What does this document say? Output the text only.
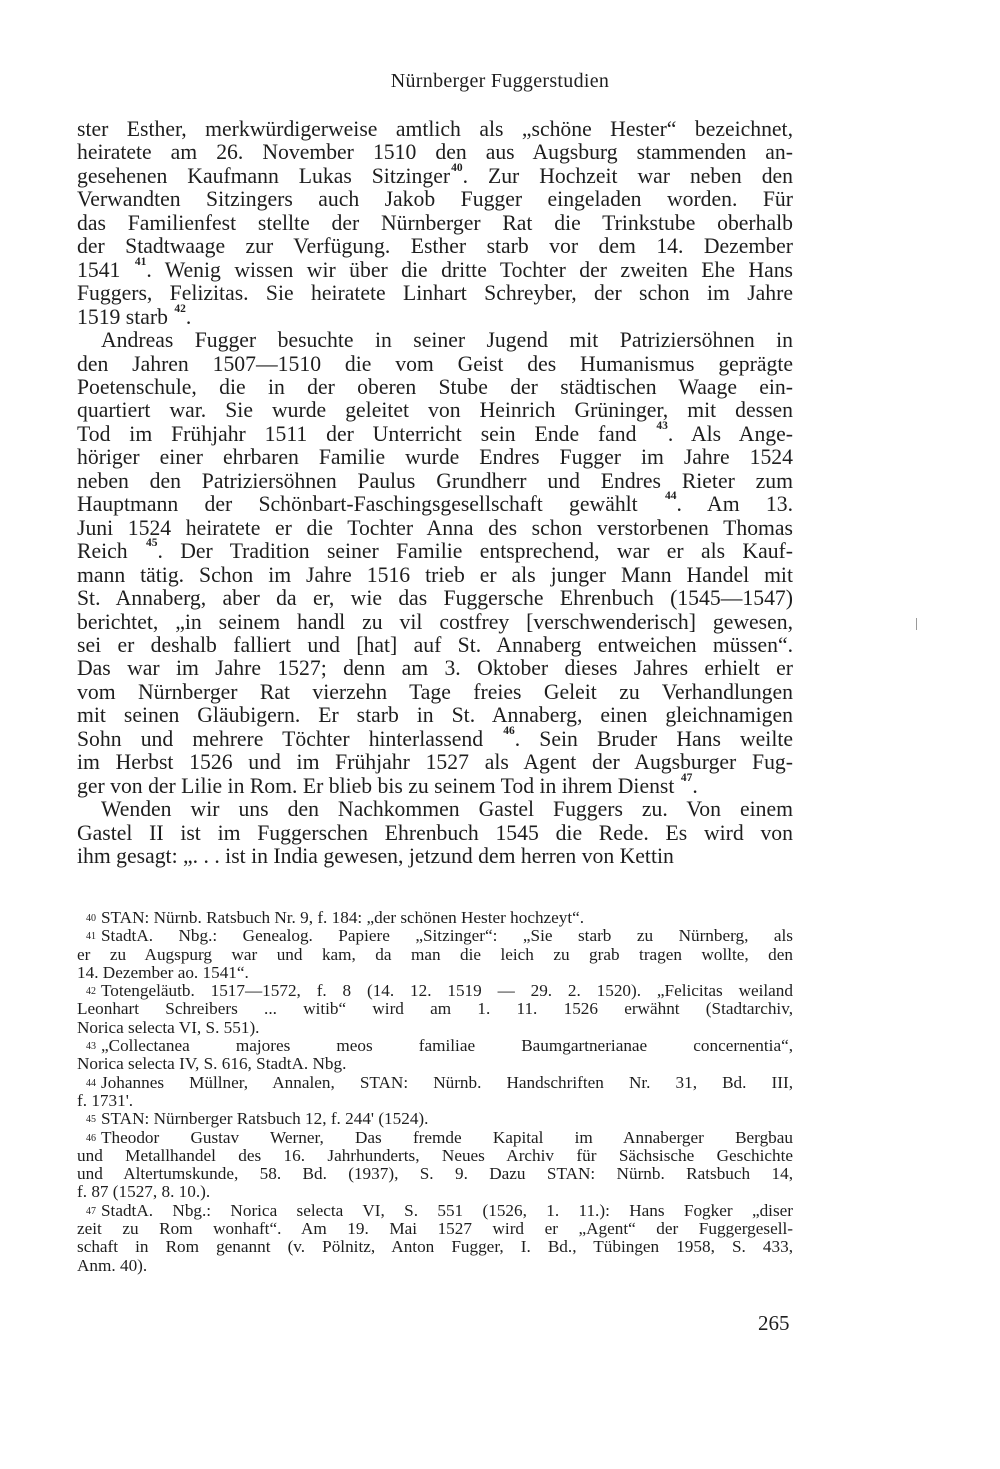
Nürnberger Fuggerstudien
ster Esther, merkwürdigerweise amtlich als „schöne Hester“ bezeichnet,
heiratete am 26. November 1510 den aus Augsburg stammenden an-
gesehenen Kaufmann Lukas Sitzinger$^{40}$. Zur Hochzeit war neben den
Verwandten Sitzingers auch Jakob Fugger eingeladen worden. Für
das Familienfest stellte der Nürnberger Rat die Trinkstube oberhalb
der Stadtwaage zur Verfügung. Esther starb vor dem 14. Dezember
1541 $^{41}$. Wenig wissen wir über die dritte Tochter der zweiten Ehe Hans
Fuggers, Felizitas. Sie heiratete Linhart Schreyber, der schon im Jahre
1519 starb $^{42}$.
Andreas Fugger besuchte in seiner Jugend mit Patriziersöhnen in
den Jahren 1507—1510 die vom Geist des Humanismus geprägte
Poetenschule, die in der oberen Stube der städtischen Waage ein-
quartiert war. Sie wurde geleitet von Heinrich Grüninger, mit dessen
Tod im Frühjahr 1511 der Unterricht sein Ende fand $^{43}$. Als Ange-
höriger einer ehrbaren Familie wurde Endres Fugger im Jahre 1524
neben den Patriziersöhnen Paulus Grundherr und Endres Rieter zum
Hauptmann der Schönbart-Faschingsgesellschaft gewählt $^{44}$. Am 13.
Juni 1524 heiratete er die Tochter Anna des schon verstorbenen Thomas
Reich $^{45}$. Der Tradition seiner Familie entsprechend, war er als Kauf-
mann tätig. Schon im Jahre 1516 trieb er als junger Mann Handel mit
St. Annaberg, aber da er, wie das Fuggersche Ehrenbuch (1545—1547)
berichtet, „in seinem handl zu vil costfrey [verschwenderisch] gewesen,
sei er deshalb falliert und [hat] auf St. Annaberg entweichen müssen“.
Das war im Jahre 1527; denn am 3. Oktober dieses Jahres erhielt er
vom Nürnberger Rat vierzehn Tage freies Geleit zu Verhandlungen
mit seinen Gläubigern. Er starb in St. Annaberg, einen gleichnamigen
Sohn und mehrere Töchter hinterlassend $^{46}$. Sein Bruder Hans weilte
im Herbst 1526 und im Frühjahr 1527 als Agent der Augsburger Fug-
ger von der Lilie in Rom. Er blieb bis zu seinem Tod in ihrem Dienst $^{47}$.
Wenden wir uns den Nachkommen Gastel Fuggers zu. Von einem
Gastel II ist im Fuggerschen Ehrenbuch 1545 die Rede. Es wird von
ihm gesagt: „. . . ist in India gewesen, jetzund dem herren von Kettin
$^{40}$ STAN: Nürnb. Ratsbuch Nr. 9, f. 184: „der schönen Hester hochzeyt“.
$^{41}$ StadtA. Nbg.: Genealog. Papiere „Sitzinger“: „Sie starb zu Nürnberg, als
er zu Augspurg war und kam, da man die leich zu grab tragen wollte, den
14. Dezember ao. 1541“.
$^{42}$ Totengeläutb. 1517—1572, f. 8 (14. 12. 1519 — 29. 2. 1520). „Felicitas weiland
Leonhart Schreibers ... witib“ wird am 1. 11. 1526 erwähnt (Stadtarchiv,
Norica selecta VI, S. 551).
$^{43}$ „Collectanea majores meos familiae Baumgartnerianae concernentia“,
Norica selecta IV, S. 616, StadtA. Nbg.
$^{44}$ Johannes Müllner, Annalen, STAN: Nürnb. Handschriften Nr. 31, Bd. III,
f. 1731'.
$^{45}$ STAN: Nürnberger Ratsbuch 12, f. 244' (1524).
$^{46}$ Theodor Gustav Werner, Das fremde Kapital im Annaberger Bergbau
und Metallhandel des 16. Jahrhunderts, Neues Archiv für Sächsische Geschichte
und Altertumskunde, 58. Bd. (1937), S. 9. Dazu STAN: Nürnb. Ratsbuch 14,
f. 87 (1527, 8. 10.).
$^{47}$ StadtA. Nbg.: Norica selecta VI, S. 551 (1526, 1. 11.): Hans Fogker „diser
zeit zu Rom wonhaft“. Am 19. Mai 1527 wird er „Agent“ der Fuggergesell-
schaft in Rom genannt (v. Pölnitz, Anton Fugger, I. Bd., Tübingen 1958, S. 433,
Anm. 40).
265
